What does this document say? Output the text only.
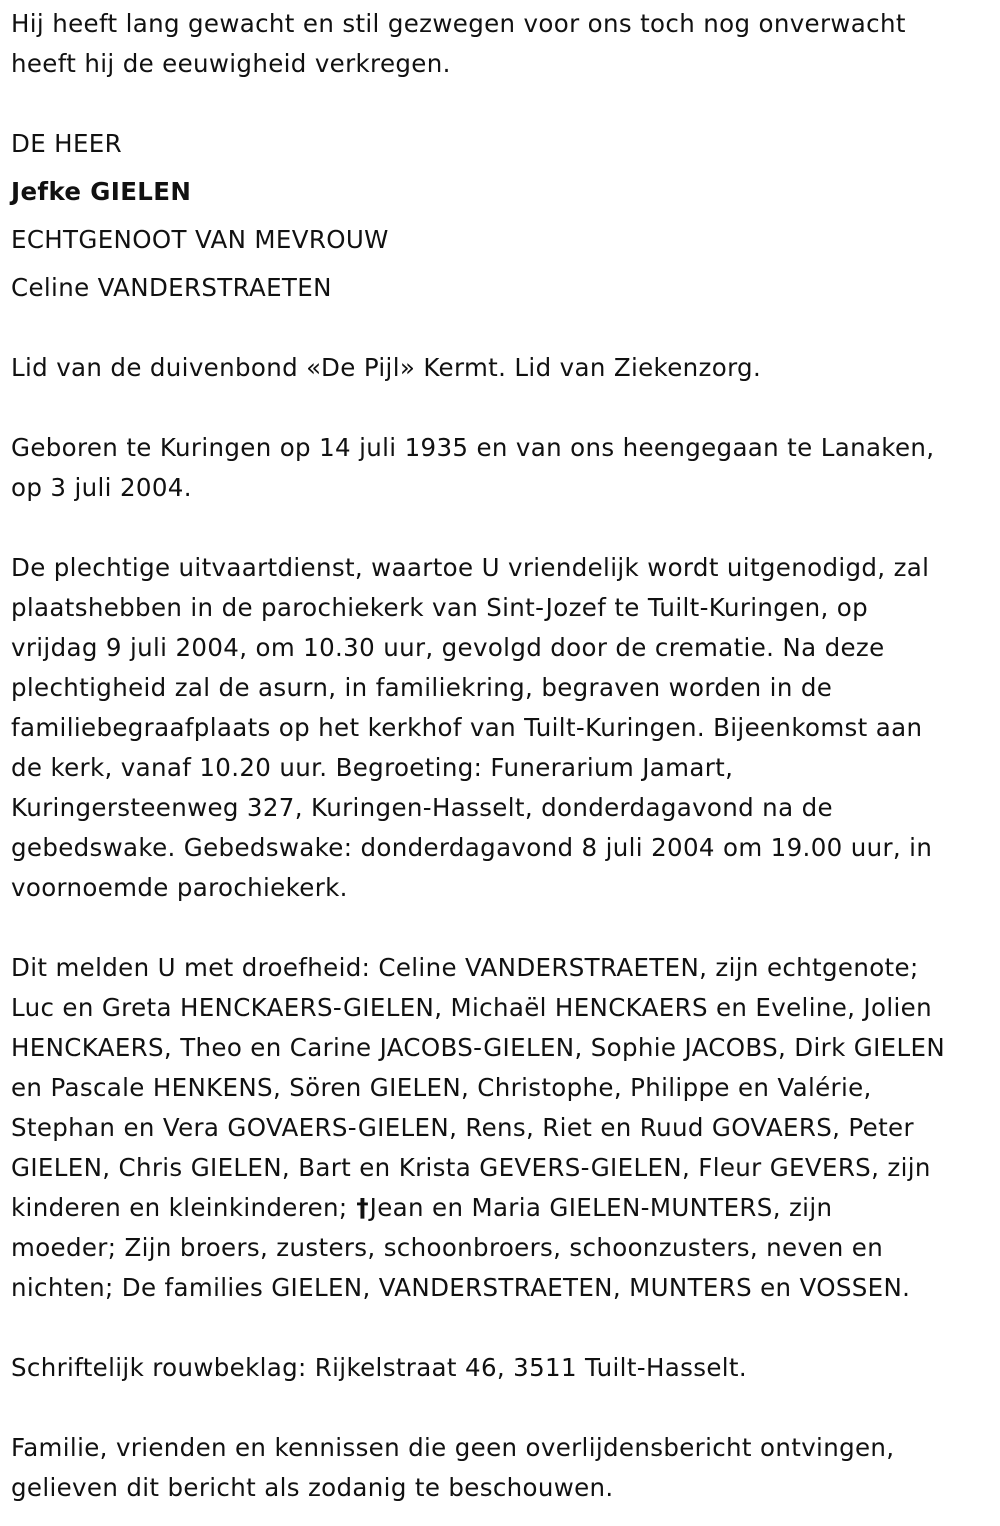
Hij heeft lang gewacht en stil gezwegen voor ons toch nog onverwacht
heeft hij de eeuwigheid verkregen.
DE HEER
Jefke GIELEN
ECHTGENOOT VAN MEVROUW
Celine VANDERSTRAETEN
Lid van de duivenbond «De Pijl» Kermt. Lid van Ziekenzorg.
Geboren te Kuringen op 14 juli 1935 en van ons heengegaan te Lanaken,
op 3 juli 2004.
De plechtige uitvaartdienst, waartoe U vriendelijk wordt uitgenodigd, zal
plaatshebben in de parochiekerk van Sint-Jozef te Tuilt-Kuringen, op
vrijdag 9 juli 2004, om 10.30 uur, gevolgd door de crematie. Na deze
plechtigheid zal de asurn, in familiekring, begraven worden in de
familiebegraafplaats op het kerkhof van Tuilt-Kuringen. Bijeenkomst aan
de kerk, vanaf 10.20 uur. Begroeting: Funerarium Jamart,
Kuringersteenweg 327, Kuringen-Hasselt, donderdagavond na de
gebedswake. Gebedswake: donderdagavond 8 juli 2004 om 19.00 uur, in
voornoemde parochiekerk.
Dit melden U met droefheid: Celine VANDERSTRAETEN, zijn echtgenote;
Luc en Greta HENCKAERS-GIELEN, Michaël HENCKAERS en Eveline, Jolien
HENCKAERS, Theo en Carine JACOBS-GIELEN, Sophie JACOBS, Dirk GIELEN
en Pascale HENKENS, Sören GIELEN, Christophe, Philippe en Valérie,
Stephan en Vera GOVAERS-GIELEN, Rens, Riet en Ruud GOVAERS, Peter
GIELEN, Chris GIELEN, Bart en Krista GEVERS-GIELEN, Fleur GEVERS, zijn
kinderen en kleinkinderen; †Jean en Maria GIELEN-MUNTERS, zijn
moeder; Zijn broers, zusters, schoonbroers, schoonzusters, neven en
nichten; De families GIELEN, VANDERSTRAETEN, MUNTERS en VOSSEN.
Schriftelijk rouwbeklag: Rijkelstraat 46, 3511 Tuilt-Hasselt.
Familie, vrienden en kennissen die geen overlijdensbericht ontvingen,
gelieven dit bericht als zodanig te beschouwen.
